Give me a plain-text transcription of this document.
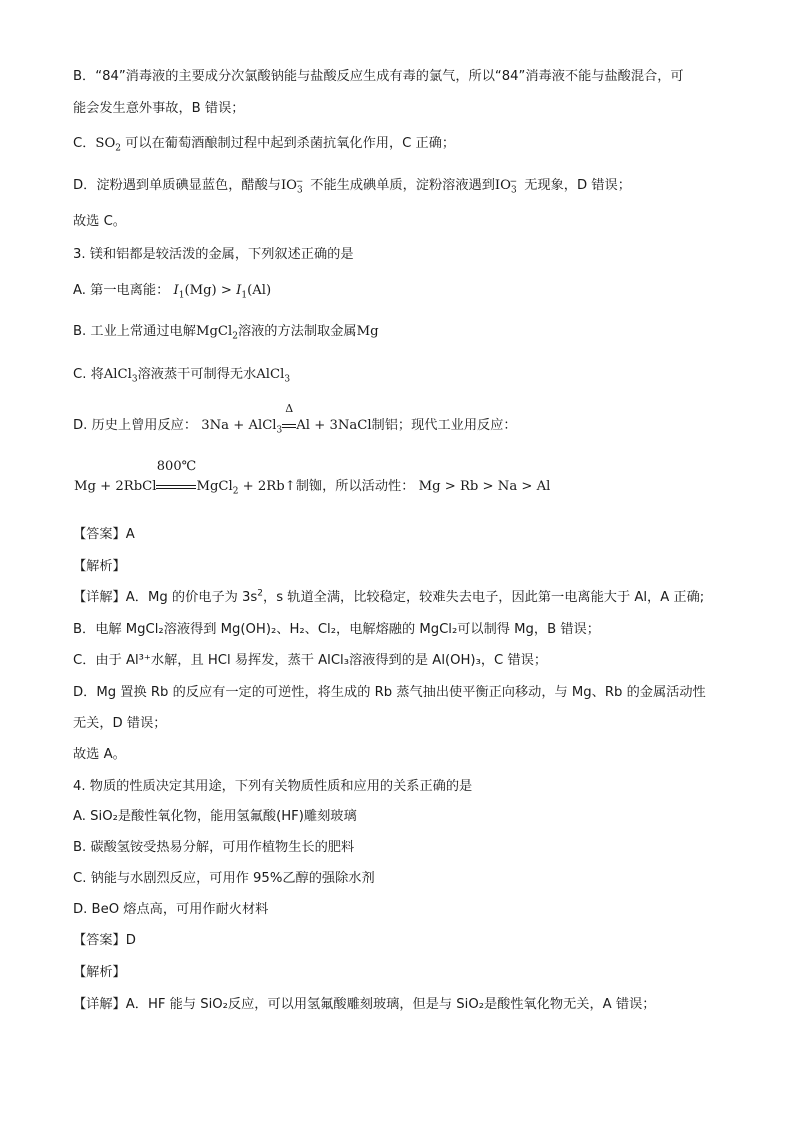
B．“84”消毒液的主要成分次氯酸钠能与盐酸反应生成有毒的氯气，所以“84”消毒液不能与盐酸混合，可
能会发生意外事故，B 错误；
C．$SO_2$ 可以在葡萄酒酿制过程中起到杀菌抗氧化作用，C 正确；
D．淀粉遇到单质碘显蓝色，醋酸与$IO_3^-$ 不能生成碘单质，淀粉溶液遇到$IO_3^-$ 无现象，D 错误；
故选 C。
3. 镁和铝都是较活泼的金属，下列叙述正确的是
A. 第一电离能： $I_1(Mg) > I_1(Al)$
B. 工业上常通过电解MgCl$_2$溶液的方法制取金属Mg
C. 将AlCl$_3$溶液蒸干可制得无水AlCl$_3$
D. 历史上曾用反应： 3Na + AlCl$_3$
Δ
Al + 3NaCl制铝；现代工业用反应：
Mg + 2RbCl
800℃
MgCl$_2$ + 2Rb↑制铷，所以活动性： Mg > Rb > Na > Al
【答案】A
【解析】
【详解】A．Mg 的价电子为 $3s^2$，s 轨道全满，比较稳定，较难失去电子，因此第一电离能大于 Al，A 正确;
B．电解 MgCl₂溶液得到 Mg(OH)₂、H₂、Cl₂，电解熔融的 MgCl₂可以制得 Mg，B 错误；
C．由于 Al³⁺水解，且 HCl 易挥发，蒸干 AlCl₃溶液得到的是 Al(OH)₃，C 错误；
D．Mg 置换 Rb 的反应有一定的可逆性，将生成的 Rb 蒸气抽出使平衡正向移动，与 Mg、Rb 的金属活动性
无关，D 错误；
故选 A。
4. 物质的性质决定其用途，下列有关物质性质和应用的关系正确的是
A. SiO₂是酸性氧化物，能用氢氟酸(HF)雕刻玻璃
B. 碳酸氢铵受热易分解，可用作植物生长的肥料
C. 钠能与水剧烈反应，可用作 95%乙醇的强除水剂
D. BeO 熔点高，可用作耐火材料
【答案】D
【解析】
【详解】A．HF 能与 SiO₂反应，可以用氢氟酸雕刻玻璃，但是与 SiO₂是酸性氧化物无关，A 错误；
